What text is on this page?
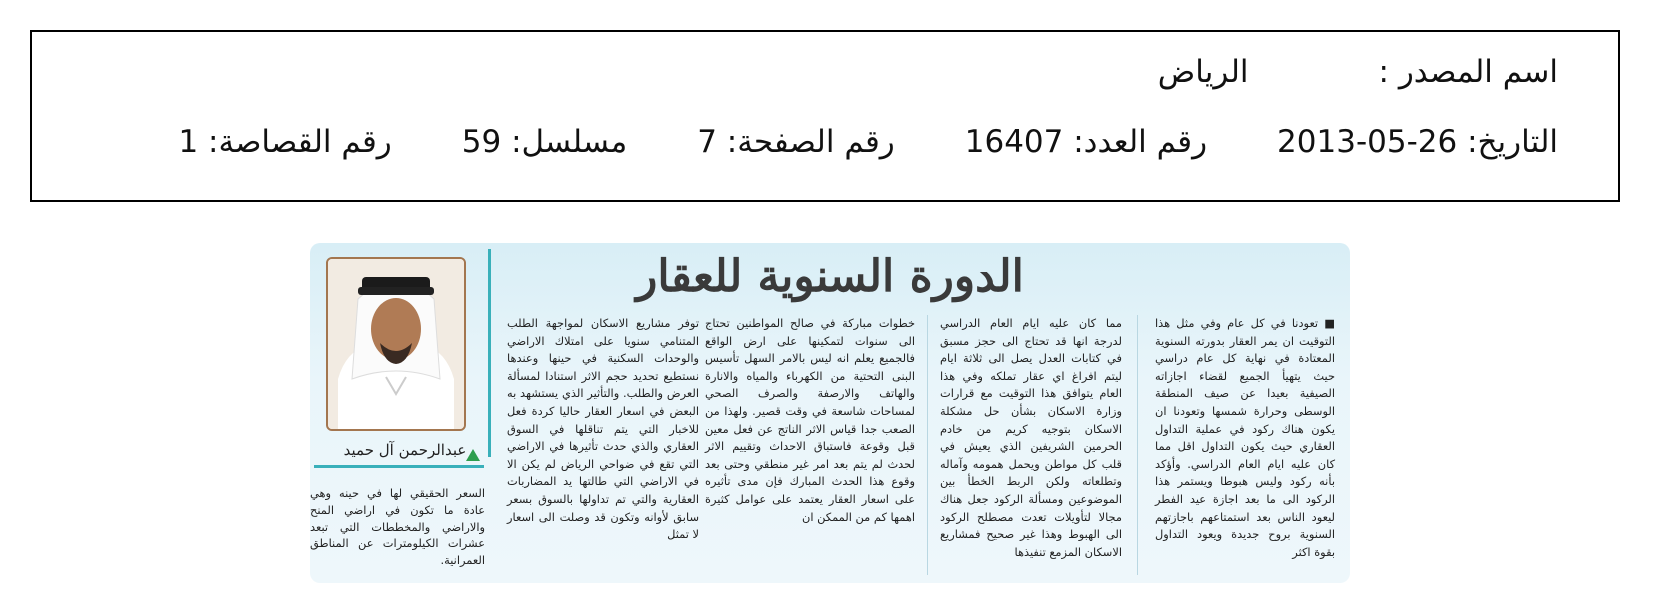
اسم المصدر :الرياض
التاريخ: 26-05-2013رقم العدد: 16407رقم الصفحة: 7مسلسل: 59رقم القصاصة: 1
الدورة السنوية للعقار

■ تعودنا في كل عام وفي مثل هذا التوقيت ان يمر العقار بدورته السنوية المعتادة في نهاية كل عام دراسي حيث يتهيأ الجميع لقضاء اجازاته الصيفية بعيدا عن صيف المنطقة الوسطى وحرارة شمسها وتعودنا ان يكون هناك ركود في عملية التداول العقاري حيث يكون التداول اقل مما كان عليه ايام العام الدراسي. وأؤكد بأنه ركود وليس هبوطا ويستمر هذا الركود الى ما بعد اجازة عيد الفطر ليعود الناس بعد استمتاعهم باجازتهم السنوية بروح جديدة ويعود التداول بقوة اكثر

مما كان عليه ايام العام الدراسي لدرجة انها قد تحتاج الى حجز مسبق في كتابات العدل يصل الى ثلاثة ايام ليتم افراغ اي عقار تملكه وفي هذا العام يتوافق هذا التوقيت مع قرارات وزارة الاسكان بشأن حل مشكلة الاسكان بتوجيه كريم من خادم الحرمين الشريفين الذي يعيش في قلب كل مواطن ويحمل همومه وآماله وتطلعاته ولكن الربط الخطأ بين الموضوعين ومسألة الركود جعل هناك مجالا لتأويلات تعدت مصطلح الركود الى الهبوط وهذا غير صحيح فمشاريع الاسكان المزمع تنفيذها

خطوات مباركة في صالح المواطنين تحتاج الى سنوات لتمكينها على ارض الواقع فالجميع يعلم انه ليس بالامر السهل تأسيس البنى التحتية من الكهرباء والمياه والانارة والهاتف والارصفة والصرف الصحي لمساحات شاسعة في وقت قصير. ولهذا من الصعب جدا قياس الاثر الناتج عن فعل معين قبل وقوعة فاستباق الاحداث وتقييم الاثر لحدث لم يتم بعد امر غير منطقي وحتى بعد وقوع هذا الحدث المبارك فإن مدى تأثيره على اسعار العقار يعتمد على عوامل كثيرة اهمها كم من الممكن ان

توفر مشاريع الاسكان لمواجهة الطلب المتنامي سنويا على امتلاك الاراضي والوحدات السكنية في حينها وعندها نستطيع تحديد حجم الاثر استنادا لمسألة العرض والطلب. والتأثير الذي يستشهد به البعض في اسعار العقار حاليا كردة فعل للاخبار التي يتم تناقلها في السوق العقاري والذي حدث تأثيرها في الاراضي التي تقع في ضواحي الرياض لم يكن الا في الاراضي التي طالتها يد المضاربات العقارية والتي تم تداولها بالسوق بسعر سابق لأوانه وتكون قد وصلت الى اسعار لا تمثل

عبدالرحمن آل حميد

السعر الحقيقي لها في حينه وهي عادة ما تكون في اراضي المنح والاراضي والمخططات التي تبعد عشرات الكيلومترات عن المناطق العمرانية.
